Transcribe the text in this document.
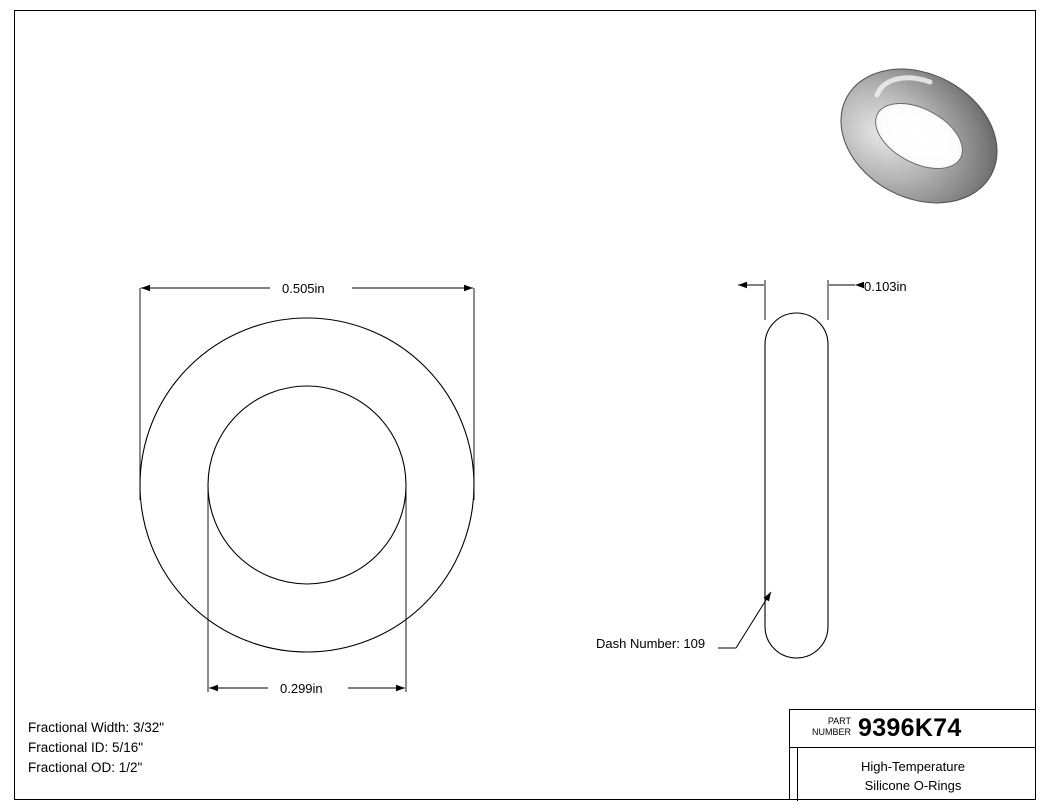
0.505in
0.299in
0.103in
Dash Number: 109
Fractional Width: 3/32"
Fractional ID: 5/16"
Fractional OD: 1/2"
PART
NUMBER 9396K74
High-Temperature
Silicone O-Rings
